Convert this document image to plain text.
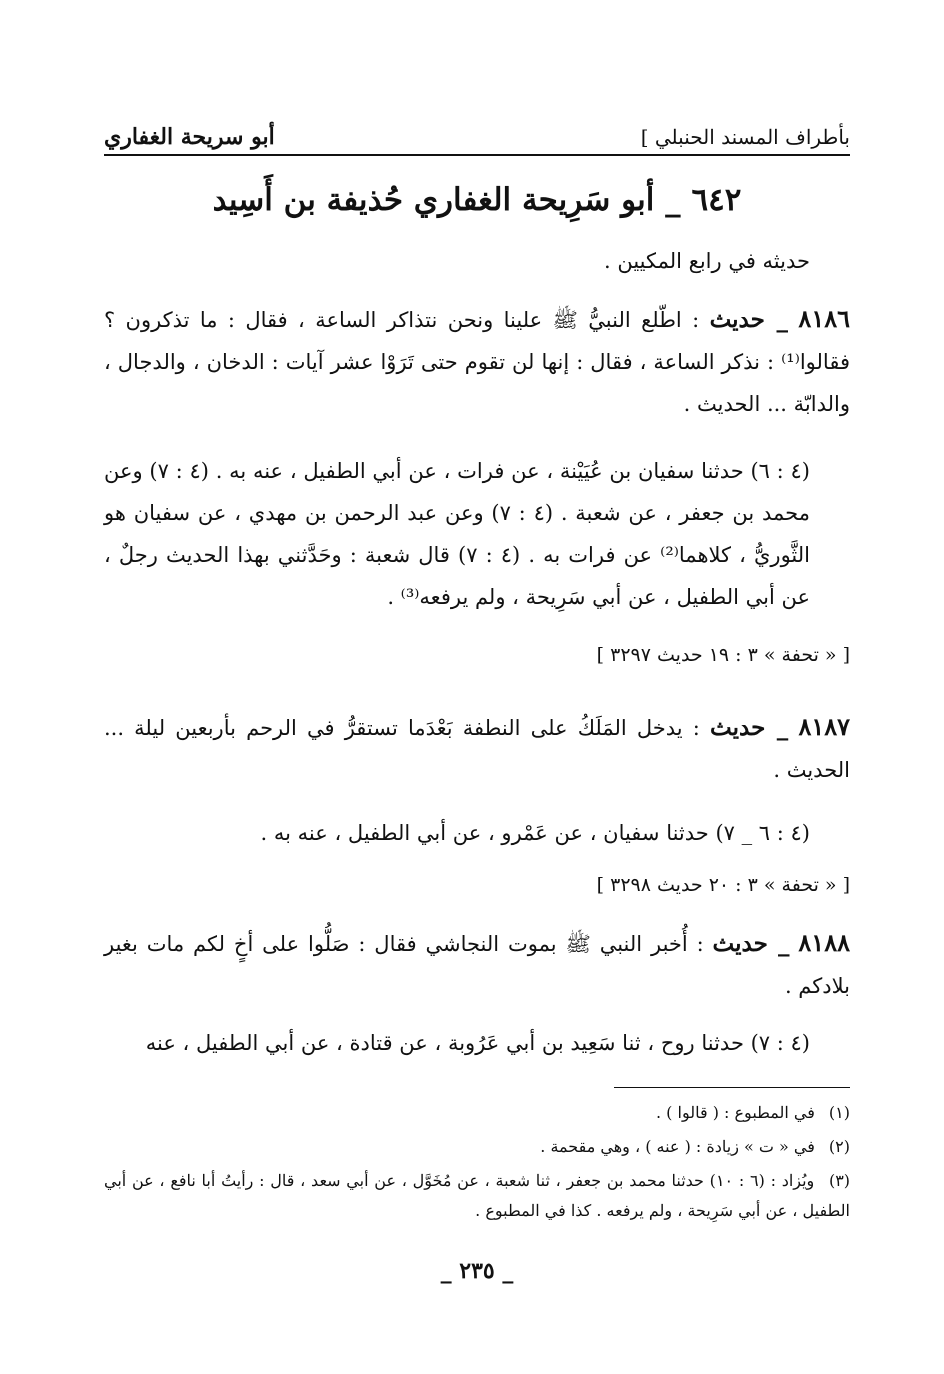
بأطراف المسند الحنبلي ]
أبو سريحة الغفاري
٦٤٢ _ أبو سَرِيحة الغفاري حُذيفة بن أَسِيد
حديثه في رابع المكيين .
٨١٨٦ _ حديث : اطّلع النبيُّ ﷺ علينا ونحن نتذاكر الساعة ، فقال : ما تذكرون ؟ فقالوا⁽¹⁾ : نذكر الساعة ، فقال : إنها لن تقوم حتى تَرَوْا عشر آيات : الدخان ، والدجال ، والدابّة ... الحديث .
(٤ : ٦) حدثنا سفيان بن عُيَيْنة ، عن فرات ، عن أبي الطفيل ، عنه به . (٤ : ٧) وعن محمد بن جعفر ، عن شعبة . (٤ : ٧) وعن عبد الرحمن بن مهدي ، عن سفيان هو الثَّوريُّ ، كلاهما⁽²⁾ عن فرات به . (٤ : ٧) قال شعبة : وحَدَّثني بهذا الحديث رجلٌ ، عن أبي الطفيل ، عن أبي سَرِيحة ، ولم يرفعه⁽³⁾ .
[ « تحفة » ٣ : ١٩ حديث ٣٢٩٧ ]
٨١٨٧ _ حديث : يدخل المَلَكُ على النطفة بَعْدَما تستقرُّ في الرحم بأربعين ليلة ... الحديث .
(٤ : ٦ _ ٧) حدثنا سفيان ، عن عَمْرو ، عن أبي الطفيل ، عنه به .
[ « تحفة » ٣ : ٢٠ حديث ٣٢٩٨ ]
٨١٨٨ _ حديث : أُخبر النبي ﷺ بموت النجاشي فقال : صَلُّوا على أخٍ لكم مات بغير بلادكم .
(٤ : ٧) حدثنا روح ، ثنا سَعِيد بن أبي عَرُوبة ، عن قتادة ، عن أبي الطفيل ، عنه
(١) في المطبوع : ( قالوا ) .
(٢) في « ت » زيادة : ( عنه ) ، وهي مقحمة .
(٣) ويُزاد : (٦ : ١٠) حدثنا محمد بن جعفر ، ثنا شعبة ، عن مُخَوَّل ، عن أبي سعد ، قال : رأيتُ أبا نافع ، عن أبي الطفيل ، عن أبي سَرِيحة ، ولم يرفعه . كذا في المطبوع .
_ ٢٣٥ _
